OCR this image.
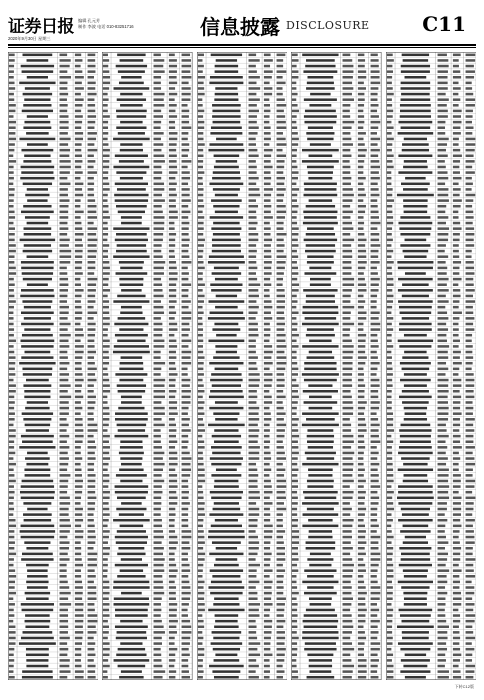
证券日报 编辑 孔元芳
制作 李波 电话 010-83251716
2020年9月30日 星期三	信息披露 DISCLOSURE	C11
下转C12版
